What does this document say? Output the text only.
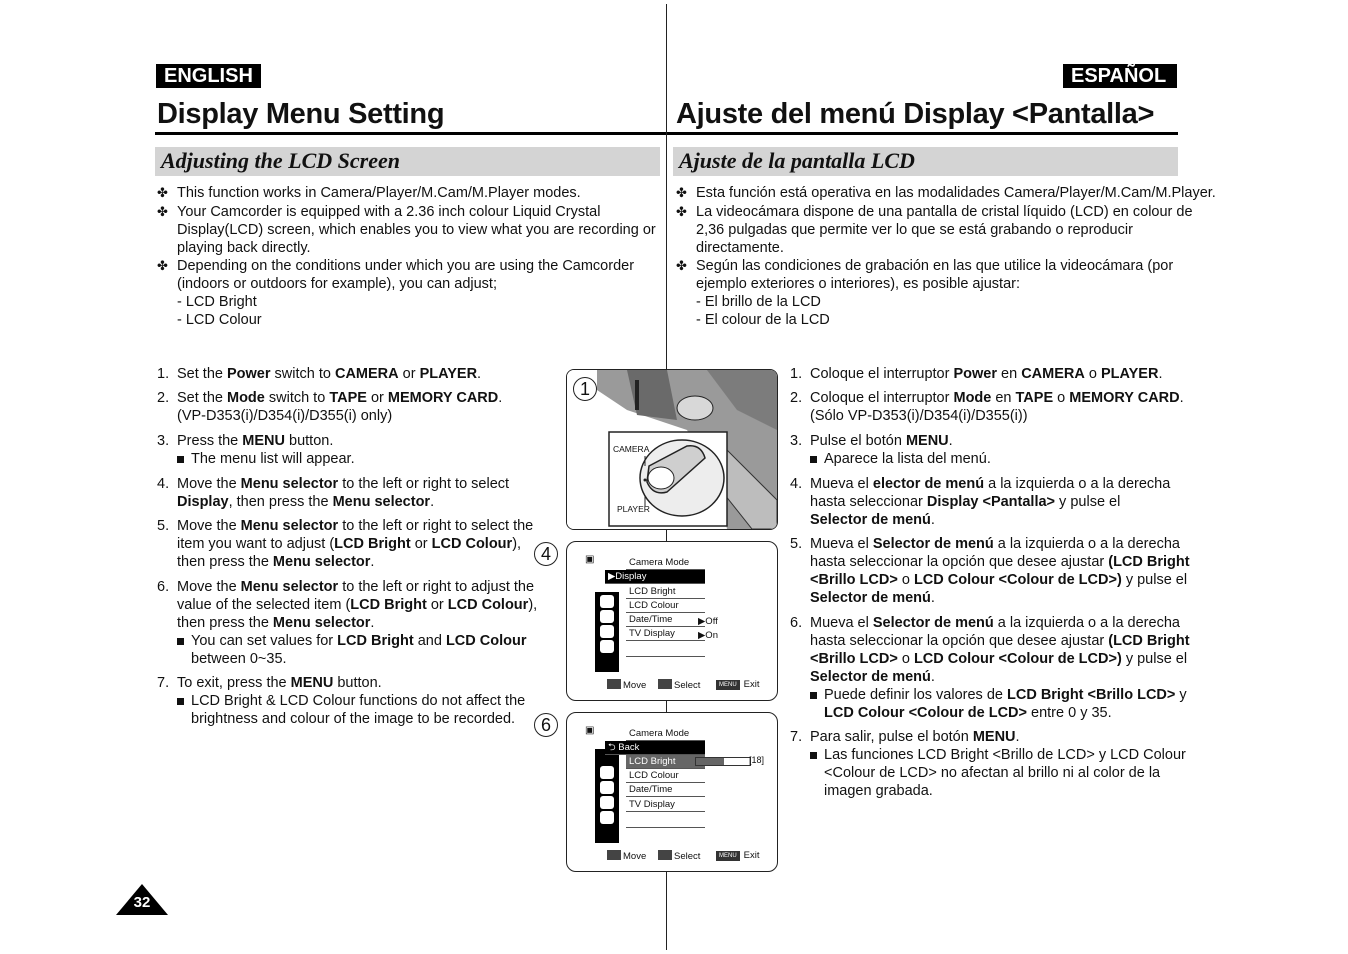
ENGLISH	ESPAÑOL
Display Menu Setting	Ajuste del menú Display <Pantalla>
Adjusting the LCD Screen	Ajuste de la pantalla LCD
✤ This function works in Camera/Player/M.Cam/M.Player modes.
✤ Your Camcorder is equipped with a 2.36 inch colour Liquid Crystal
Display(LCD) screen, which enables you to view what you are recording or
playing back directly.
✤ Depending on the conditions under which you are using the Camcorder
(indoors or outdoors for example), you can adjust;
- LCD Bright
- LCD Colour
✤ Esta función está operativa en las modalidades Camera/Player/M.Cam/M.Player.
✤ La videocámara dispone de una pantalla de cristal líquido (LCD) en colour de
2,36 pulgadas que permite ver lo que se está grabando o reproducir
directamente.
✤ Según las condiciones de grabación en las que utilice la videocámara (por
ejemplo exteriores o interiores), es posible ajustar:
- El brillo de la LCD
- El colour de la LCD
1. Set the Power switch to CAMERA or PLAYER.
2. Set the Mode switch to TAPE or MEMORY CARD.
(VP-D353(i)/D354(i)/D355(i) only)
3. Press the MENU button.
The menu list will appear.
4. Move the Menu selector to the left or right to select
Display, then press the Menu selector.
5. Move the Menu selector to the left or right to select the
item you want to adjust (LCD Bright or LCD Colour),
then press the Menu selector.
6. Move the Menu selector to the left or right to adjust the
value of the selected item (LCD Bright or LCD Colour),
then press the Menu selector.
You can set values for LCD Bright and LCD Colour
between 0~35.
7. To exit, press the MENU button.
LCD Bright & LCD Colour functions do not affect the
brightness and colour of the image to be recorded.
1. Coloque el interruptor Power en CAMERA o PLAYER.
2. Coloque el interruptor Mode en TAPE o MEMORY CARD.
(Sólo VP-D353(i)/D354(i)/D355(i))
3. Pulse el botón MENU.
Aparece la lista del menú.
4. Mueva el elector de menú a la izquierda o a la derecha
hasta seleccionar Display <Pantalla> y pulse el
Selector de menú.
5. Mueva el Selector de menú a la izquierda o a la derecha
hasta seleccionar la opción que desee ajustar (LCD Bright
<Brillo LCD> o LCD Colour <Colour de LCD>) y pulse el
Selector de menú.
6. Mueva el Selector de menú a la izquierda o a la derecha
hasta seleccionar la opción que desee ajustar (LCD Bright
<Brillo LCD> o LCD Colour <Colour de LCD>) y pulse el
Selector de menú.
Puede definir los valores de LCD Bright <Brillo LCD> y
LCD Colour <Colour de LCD> entre 0 y 35.
7. Para salir, pulse el botón MENU.
Las funciones LCD Bright <Brillo de LCD> y LCD Colour
<Colour de LCD> no afectan al brillo ni al color de la
imagen grabada.
CAMERA
PLAYER
1
▣	Camera Mode
▶Display
LCD Bright
LCD Colour
Date/Time
TV Display
▶Off
▶On
Move	Select	MENU Exit
4
▣	Camera Mode
⮌ Back
LCD Bright
LCD Colour
Date/Time
TV Display
[18]
Move	Select	MENU Exit
6
32
